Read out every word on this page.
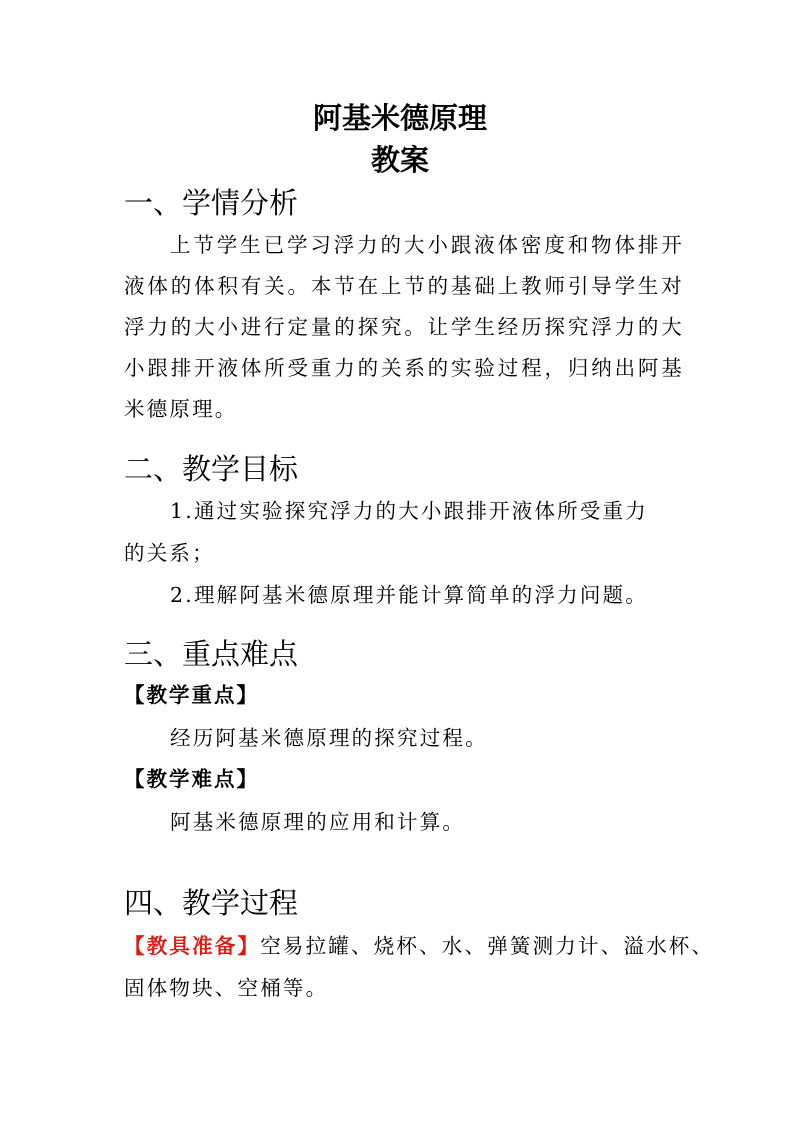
阿基米德原理
教案
一、学情分析
上节学生已学习浮力的大小跟液体密度和物体排开液体的体积有关。本节在上节的基础上教师引导学生对浮力的大小进行定量的探究。让学生经历探究浮力的大小跟排开液体所受重力的关系的实验过程，归纳出阿基米德原理。
二、教学目标
1.通过实验探究浮力的大小跟排开液体所受重力
的关系；
2.理解阿基米德原理并能计算简单的浮力问题。
三、重点难点
【教学重点】
经历阿基米德原理的探究过程。
【教学难点】
阿基米德原理的应用和计算。
四、教学过程
【教具准备】空易拉罐、烧杯、水、弹簧测力计、溢水杯、
固体物块、空桶等。
